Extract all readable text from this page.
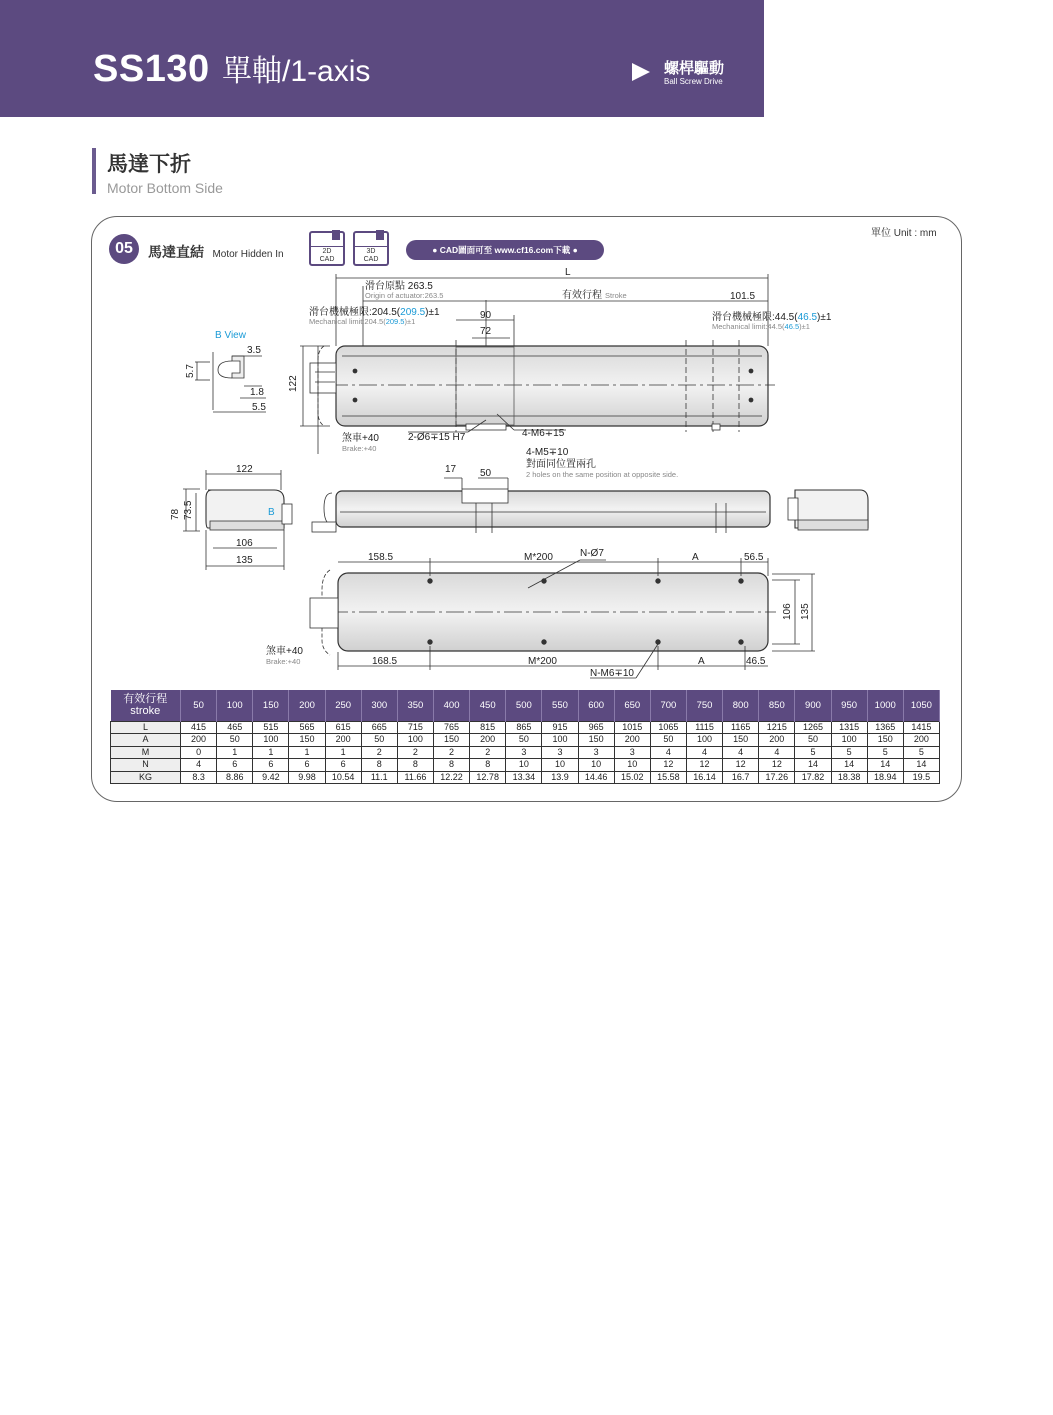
SS130 單軸/1-axis	螺桿驅動
Ball Screw Drive
馬達下折
Motor Bottom Side
單位 Unit : mm
05	馬達直結 Motor Hidden In	2D
CAD
3D
CAD
● CAD圖面可至 www.cf16.com下載 ●
B View
3.5
5.7
1.8
5.5
122
L
滑台原點 263.5
Origin of actuator:263.5	有效行程 Stroke	101.5
滑台機械極限:204.5(209.5)±1
Mechanical limit:204.5(209.5)±1
90
72
滑台機械極限:44.5(46.5)±1
Mechanical limit:44.5(46.5)±1
煞車+40
Brake:+40
2-Ø6∓15 H7	4-M6∓15
4-M5∓10
對面同位置兩孔
2 holes on the same position at opposite side.
17 50
122
78 73.5	B
106
135	158.5	M*200	N-Ø7	A	56.5
106 135
煞車+40
Brake:+40	168.5	M*200	A	46.5
N-M6∓10
有效行程
stroke	50	100	150	200	250	300	350	400	450	500	550	600	650	700	750	800	850	900	950	1000	1050
L	415	465	515	565	615	665	715	765	815	865	915	965	1015	1065	1115	1165	1215	1265	1315	1365	1415
A	200	50	100	150	200	50	100	150	200	50	100	150	200	50	100	150	200	50	100	150	200
M	0	1	1	1	1	2	2	2	2	3	3	3	3	4	4	4	4	5	5	5	5
N	4	6	6	6	6	8	8	8	8	10	10	10	10	12	12	12	12	14	14	14	14
KG	8.3	8.86	9.42	9.98	10.54	11.1	11.66	12.22	12.78	13.34	13.9	14.46	15.02	15.58	16.14	16.7	17.26	17.82	18.38	18.94	19.5
